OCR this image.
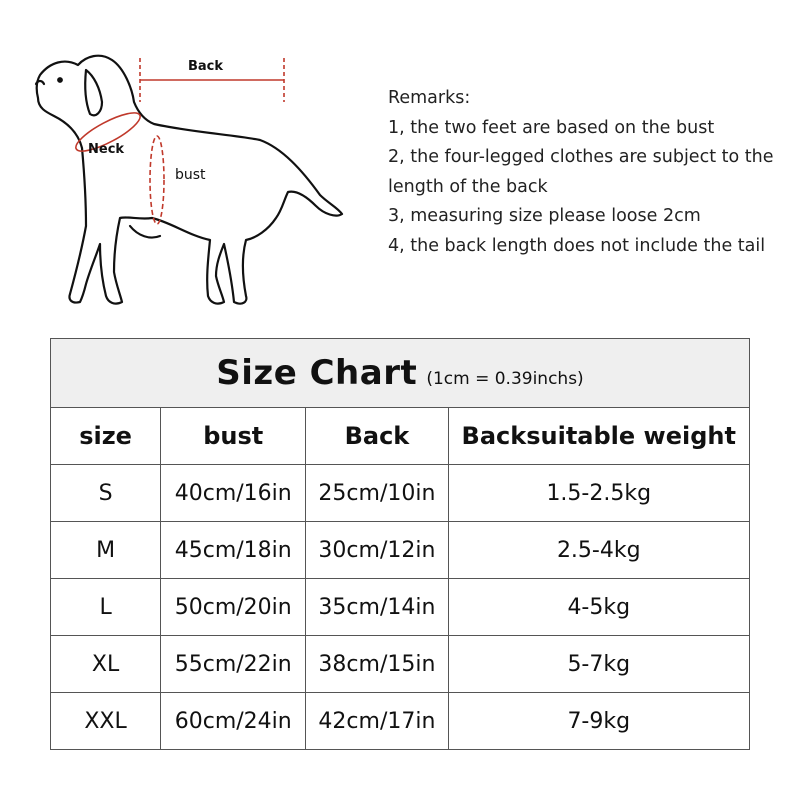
Back
Neck
bust
Remarks:
1, the two feet are based on the bust
2, the four-legged clothes are subject to the
length of the back
3, measuring size please loose 2cm
4, the back length does not include the tail
Size Chart (1cm = 0.39inchs)			
size	bust	Back	Backsuitable weight
S	40cm/16in	25cm/10in	1.5-2.5kg
M	45cm/18in	30cm/12in	2.5-4kg
L	50cm/20in	35cm/14in	4-5kg
XL	55cm/22in	38cm/15in	5-7kg
XXL	60cm/24in	42cm/17in	7-9kg
